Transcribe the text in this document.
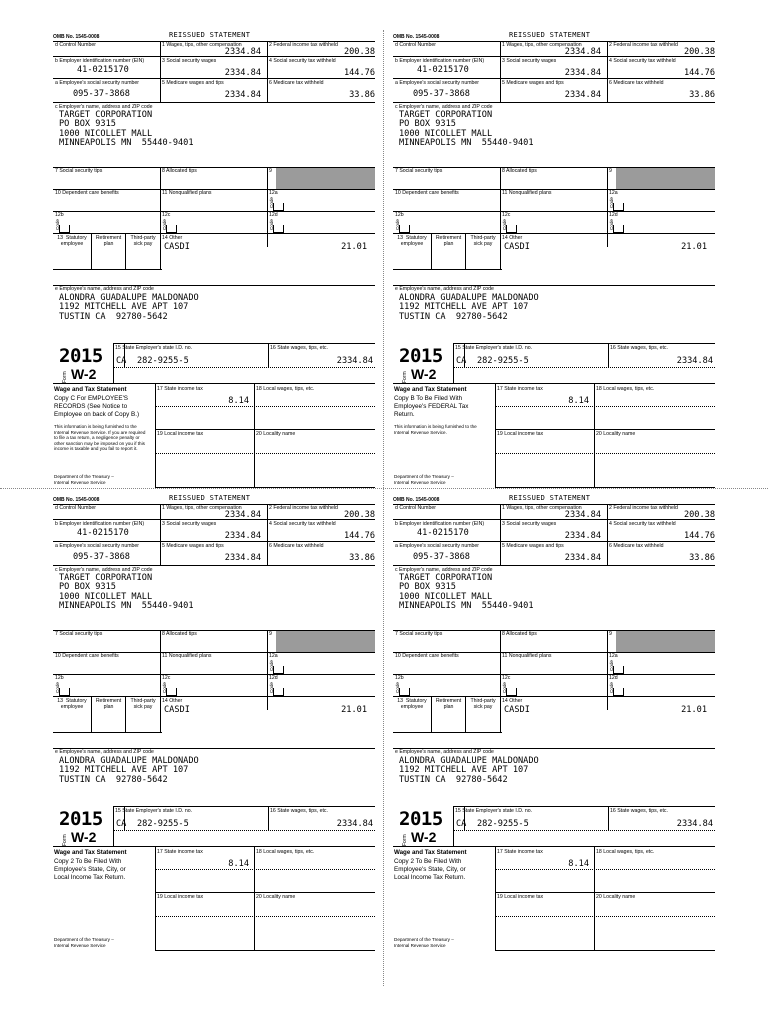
OMB No. 1545-0008	REISSUED STATEMENT
d Control Number	1 Wages, tips, other compensation
2334.84
2 Federal income tax withheld
200.38
b Employer identification number (EIN)
41-0215170
3 Social security wages
2334.84
4 Social security tax withheld
144.76
a Employee's social security number
095-37-3868
5 Medicare wages and tips
2334.84
6 Medicare tax withheld
33.86
c Employer's name, address and ZIP code
TARGET CORPORATION
PO BOX 9315
1000 NICOLLET MALL
MINNEAPOLIS MN  55440-9401
7 Social security tips	8 Allocated tips	9
10 Dependent care benefits	11 Nonqualified plans	12a
Code
12b
Code
12c
Code
12d
Code
13  Statutory
employee
Retirement
plan
Third-party
sick pay
14 Other
CASDI	21.01
e Employee's name, address and ZIP code
ALONDRA GUADALUPE MALDONADO
1192 MITCHELL AVE APT 107
TUSTIN CA  92780-5642
15 State Employer's state I.D. no.
CA 282-9255-5
16 State wages, tips, etc.
2334.84
2015
Form W-2
17 State income tax
8.14
18 Local wages, tips, etc.
19 Local income tax	20 Locality name
Wage and Tax Statement
Copy C For EMPLOYEE'S
RECORDS (See Notice to
Employee on back of Copy B.)
This information is being furnished to the
Internal Revenue Service. If you are required
to file a tax return, a negligence penalty or
other sanction may be imposed on you if this
income is taxable and you fail to report it.
Department of the Treasury –
Internal Revenue Service
OMB No. 1545-0008	REISSUED STATEMENT
d Control Number	1 Wages, tips, other compensation
2334.84
2 Federal income tax withheld
200.38
b Employer identification number (EIN)
41-0215170
3 Social security wages
2334.84
4 Social security tax withheld
144.76
a Employee's social security number
095-37-3868
5 Medicare wages and tips
2334.84
6 Medicare tax withheld
33.86
c Employer's name, address and ZIP code
TARGET CORPORATION
PO BOX 9315
1000 NICOLLET MALL
MINNEAPOLIS MN  55440-9401
7 Social security tips	8 Allocated tips	9
10 Dependent care benefits	11 Nonqualified plans	12a
Code
12b
Code
12c
Code
12d
Code
13  Statutory
employee
Retirement
plan
Third-party
sick pay
14 Other
CASDI	21.01
e Employee's name, address and ZIP code
ALONDRA GUADALUPE MALDONADO
1192 MITCHELL AVE APT 107
TUSTIN CA  92780-5642
15 State Employer's state I.D. no.
CA 282-9255-5
16 State wages, tips, etc.
2334.84
2015
Form W-2
17 State income tax
8.14
18 Local wages, tips, etc.
19 Local income tax	20 Locality name
Wage and Tax Statement
Copy B To Be Filed With
Employee's FEDERAL Tax
Return.
This information is being furnished to the
Internal Revenue Service.
Department of the Treasury –
Internal Revenue Service
OMB No. 1545-0008	REISSUED STATEMENT
d Control Number	1 Wages, tips, other compensation
2334.84
2 Federal income tax withheld
200.38
b Employer identification number (EIN)
41-0215170
3 Social security wages
2334.84
4 Social security tax withheld
144.76
a Employee's social security number
095-37-3868
5 Medicare wages and tips
2334.84
6 Medicare tax withheld
33.86
c Employer's name, address and ZIP code
TARGET CORPORATION
PO BOX 9315
1000 NICOLLET MALL
MINNEAPOLIS MN  55440-9401
7 Social security tips	8 Allocated tips	9
10 Dependent care benefits	11 Nonqualified plans	12a
Code
12b
Code
12c
Code
12d
Code
13  Statutory
employee
Retirement
plan
Third-party
sick pay
14 Other
CASDI	21.01
e Employee's name, address and ZIP code
ALONDRA GUADALUPE MALDONADO
1192 MITCHELL AVE APT 107
TUSTIN CA  92780-5642
15 State Employer's state I.D. no.
CA 282-9255-5
16 State wages, tips, etc.
2334.84
2015
Form W-2
17 State income tax
8.14
18 Local wages, tips, etc.
19 Local income tax	20 Locality name
Wage and Tax Statement
Copy 2 To Be Filed With
Employee's State, City, or
Local Income Tax Return.
Department of the Treasury –
Internal Revenue Service
OMB No. 1545-0008	REISSUED STATEMENT
d Control Number	1 Wages, tips, other compensation
2334.84
2 Federal income tax withheld
200.38
b Employer identification number (EIN)
41-0215170
3 Social security wages
2334.84
4 Social security tax withheld
144.76
a Employee's social security number
095-37-3868
5 Medicare wages and tips
2334.84
6 Medicare tax withheld
33.86
c Employer's name, address and ZIP code
TARGET CORPORATION
PO BOX 9315
1000 NICOLLET MALL
MINNEAPOLIS MN  55440-9401
7 Social security tips	8 Allocated tips	9
10 Dependent care benefits	11 Nonqualified plans	12a
Code
12b
Code
12c
Code
12d
Code
13  Statutory
employee
Retirement
plan
Third-party
sick pay
14 Other
CASDI	21.01
e Employee's name, address and ZIP code
ALONDRA GUADALUPE MALDONADO
1192 MITCHELL AVE APT 107
TUSTIN CA  92780-5642
15 State Employer's state I.D. no.
CA 282-9255-5
16 State wages, tips, etc.
2334.84
2015
Form W-2
17 State income tax
8.14
18 Local wages, tips, etc.
19 Local income tax	20 Locality name
Wage and Tax Statement
Copy 2 To Be Filed With
Employee's State, City, or
Local Income Tax Return.
Department of the Treasury –
Internal Revenue Service
